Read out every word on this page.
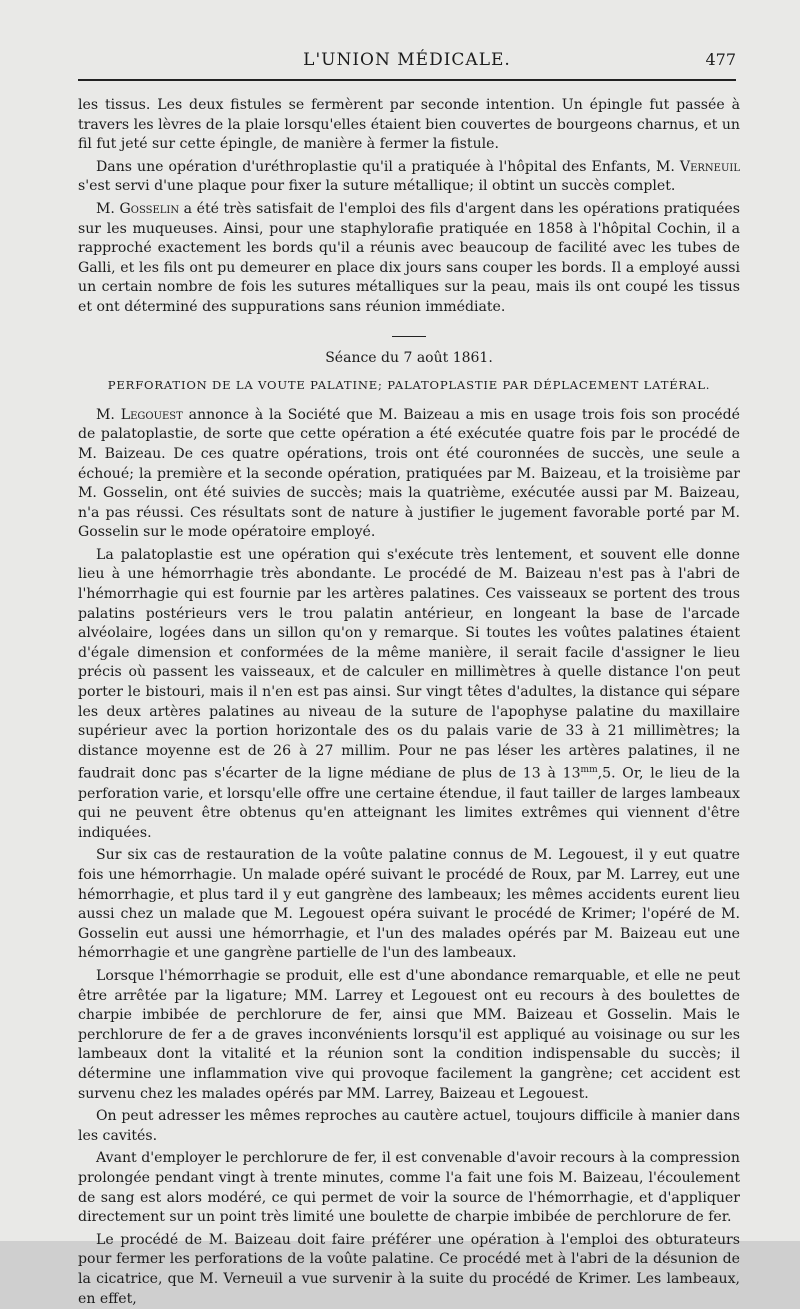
L'UNION MÉDICALE.	477

les tissus. Les deux fistules se fermèrent par seconde intention. Un épingle fut passée à travers les lèvres de la plaie lorsqu'elles étaient bien couvertes de bourgeons charnus, et un fil fut jeté sur cette épingle, de manière à fermer la fistule.

Dans une opération d'uréthroplastie qu'il a pratiquée à l'hôpital des Enfants, M. Verneuil s'est servi d'une plaque pour fixer la suture métallique; il obtint un succès complet.

M. Gosselin a été très satisfait de l'emploi des fils d'argent dans les opérations pratiquées sur les muqueuses. Ainsi, pour une staphylorafie pratiquée en 1858 à l'hôpital Cochin, il a rapproché exactement les bords qu'il a réunis avec beaucoup de facilité avec les tubes de Galli, et les fils ont pu demeurer en place dix jours sans couper les bords. Il a employé aussi un certain nombre de fois les sutures métalliques sur la peau, mais ils ont coupé les tissus et ont déterminé des suppurations sans réunion immédiate.

Séance du 7 août 1861.

PERFORATION DE LA VOUTE PALATINE; PALATOPLASTIE PAR DÉPLACEMENT LATÉRAL.

M. Legouest annonce à la Société que M. Baizeau a mis en usage trois fois son procédé de palatoplastie, de sorte que cette opération a été exécutée quatre fois par le procédé de M. Baizeau. De ces quatre opérations, trois ont été couronnées de succès, une seule a échoué; la première et la seconde opération, pratiquées par M. Baizeau, et la troisième par M. Gosselin, ont été suivies de succès; mais la quatrième, exécutée aussi par M. Baizeau, n'a pas réussi. Ces résultats sont de nature à justifier le jugement favorable porté par M. Gosselin sur le mode opératoire employé.

La palatoplastie est une opération qui s'exécute très lentement, et souvent elle donne lieu à une hémorrhagie très abondante. Le procédé de M. Baizeau n'est pas à l'abri de l'hémorrhagie qui est fournie par les artères palatines. Ces vaisseaux se portent des trous palatins postérieurs vers le trou palatin antérieur, en longeant la base de l'arcade alvéolaire, logées dans un sillon qu'on y remarque. Si toutes les voûtes palatines étaient d'égale dimension et conformées de la même manière, il serait facile d'assigner le lieu précis où passent les vaisseaux, et de calculer en millimètres à quelle distance l'on peut porter le bistouri, mais il n'en est pas ainsi. Sur vingt têtes d'adultes, la distance qui sépare les deux artères palatines au niveau de la suture de l'apophyse palatine du maxillaire supérieur avec la portion horizontale des os du palais varie de 33 à 21 millimètres; la distance moyenne est de 26 à 27 millim. Pour ne pas léser les artères palatines, il ne faudrait donc pas s'écarter de la ligne médiane de plus de 13 à $13^{mm},5$. Or, le lieu de la perforation varie, et lorsqu'elle offre une certaine étendue, il faut tailler de larges lambeaux qui ne peuvent être obtenus qu'en atteignant les limites extrêmes qui viennent d'être indiquées.

Sur six cas de restauration de la voûte palatine connus de M. Legouest, il y eut quatre fois une hémorrhagie. Un malade opéré suivant le procédé de Roux, par M. Larrey, eut une hémorrhagie, et plus tard il y eut gangrène des lambeaux; les mêmes accidents eurent lieu aussi chez un malade que M. Legouest opéra suivant le procédé de Krimer; l'opéré de M. Gosselin eut aussi une hémorrhagie, et l'un des malades opérés par M. Baizeau eut une hémorrhagie et une gangrène partielle de l'un des lambeaux.

Lorsque l'hémorrhagie se produit, elle est d'une abondance remarquable, et elle ne peut être arrêtée par la ligature; MM. Larrey et Legouest ont eu recours à des boulettes de charpie imbibée de perchlorure de fer, ainsi que MM. Baizeau et Gosselin. Mais le perchlorure de fer a de graves inconvénients lorsqu'il est appliqué au voisinage ou sur les lambeaux dont la vitalité et la réunion sont la condition indispensable du succès; il détermine une inflammation vive qui provoque facilement la gangrène; cet accident est survenu chez les malades opérés par MM. Larrey, Baizeau et Legouest.

On peut adresser les mêmes reproches au cautère actuel, toujours difficile à manier dans les cavités.

Avant d'employer le perchlorure de fer, il est convenable d'avoir recours à la compression prolongée pendant vingt à trente minutes, comme l'a fait une fois M. Baizeau, l'écoulement de sang est alors modéré, ce qui permet de voir la source de l'hémorrhagie, et d'appliquer directement sur un point très limité une boulette de charpie imbibée de perchlorure de fer.

Le procédé de M. Baizeau doit faire préférer une opération à l'emploi des obturateurs pour fermer les perforations de la voûte palatine. Ce procédé met à l'abri de la désunion de la cicatrice, que M. Verneuil a vue survenir à la suite du procédé de Krimer. Les lambeaux, en effet,
